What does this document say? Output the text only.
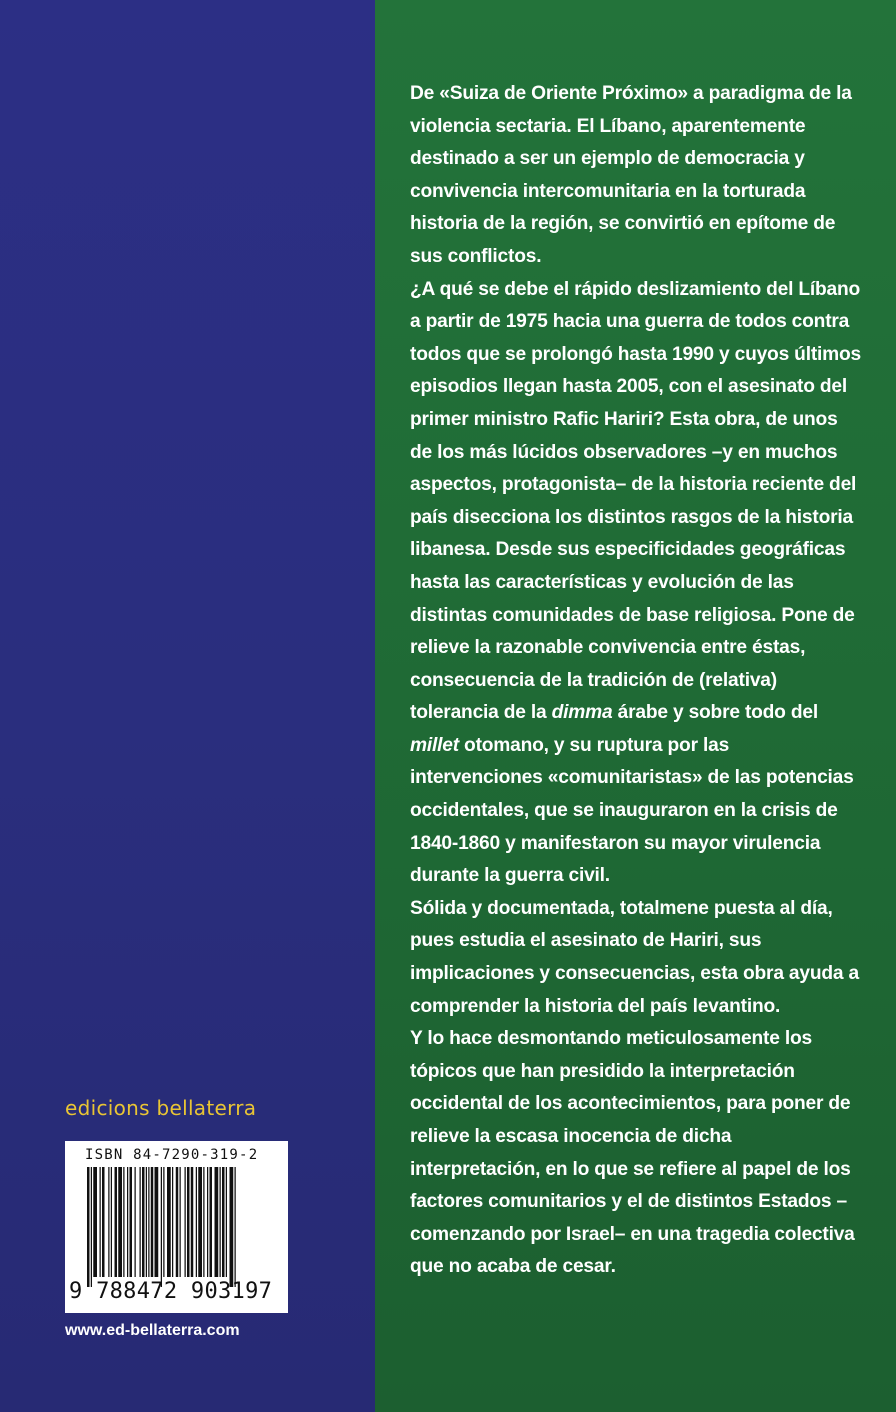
De «Suiza de Oriente Próximo» a paradigma de la violencia sectaria. El Líbano, aparentemente destinado a ser un ejemplo de democracia y convivencia intercomunitaria en la torturada historia de la región, se convirtió en epítome de sus conflictos.

¿A qué se debe el rápido deslizamiento del Líbano a partir de 1975 hacia una guerra de todos contra todos que se prolongó hasta 1990 y cuyos últimos episodios llegan hasta 2005, con el asesinato del primer ministro Rafic Hariri? Esta obra, de unos de los más lúcidos observadores –y en muchos aspectos, protagonista– de la historia reciente del país disecciona los distintos rasgos de la historia libanesa. Desde sus especificidades geográficas hasta las características y evolución de las distintas comunidades de base religiosa. Pone de relieve la razonable convivencia entre éstas, consecuencia de la tradición de (relativa) tolerancia de la dimma árabe y sobre todo del millet otomano, y su ruptura por las intervenciones «comunitaristas» de las potencias occidentales, que se inauguraron en la crisis de 1840-1860 y manifestaron su mayor virulencia durante la guerra civil.

Sólida y documentada, totalmene puesta al día, pues estudia el asesinato de Hariri, sus implicaciones y consecuencias, esta obra ayuda a comprender la historia del país levantino.

Y lo hace desmontando meticulosamente los tópicos que han presidido la interpretación occidental de los acontecimientos, para poner de relieve la escasa inocencia de dicha interpretación, en lo que se refiere al papel de los factores comunitarios y el de distintos Estados –comenzando por Israel– en una tragedia colectiva que no acaba de cesar.

edicions bellaterra
ISBN 84-7290-319-2
9 788472 903197
www.ed-bellaterra.com
